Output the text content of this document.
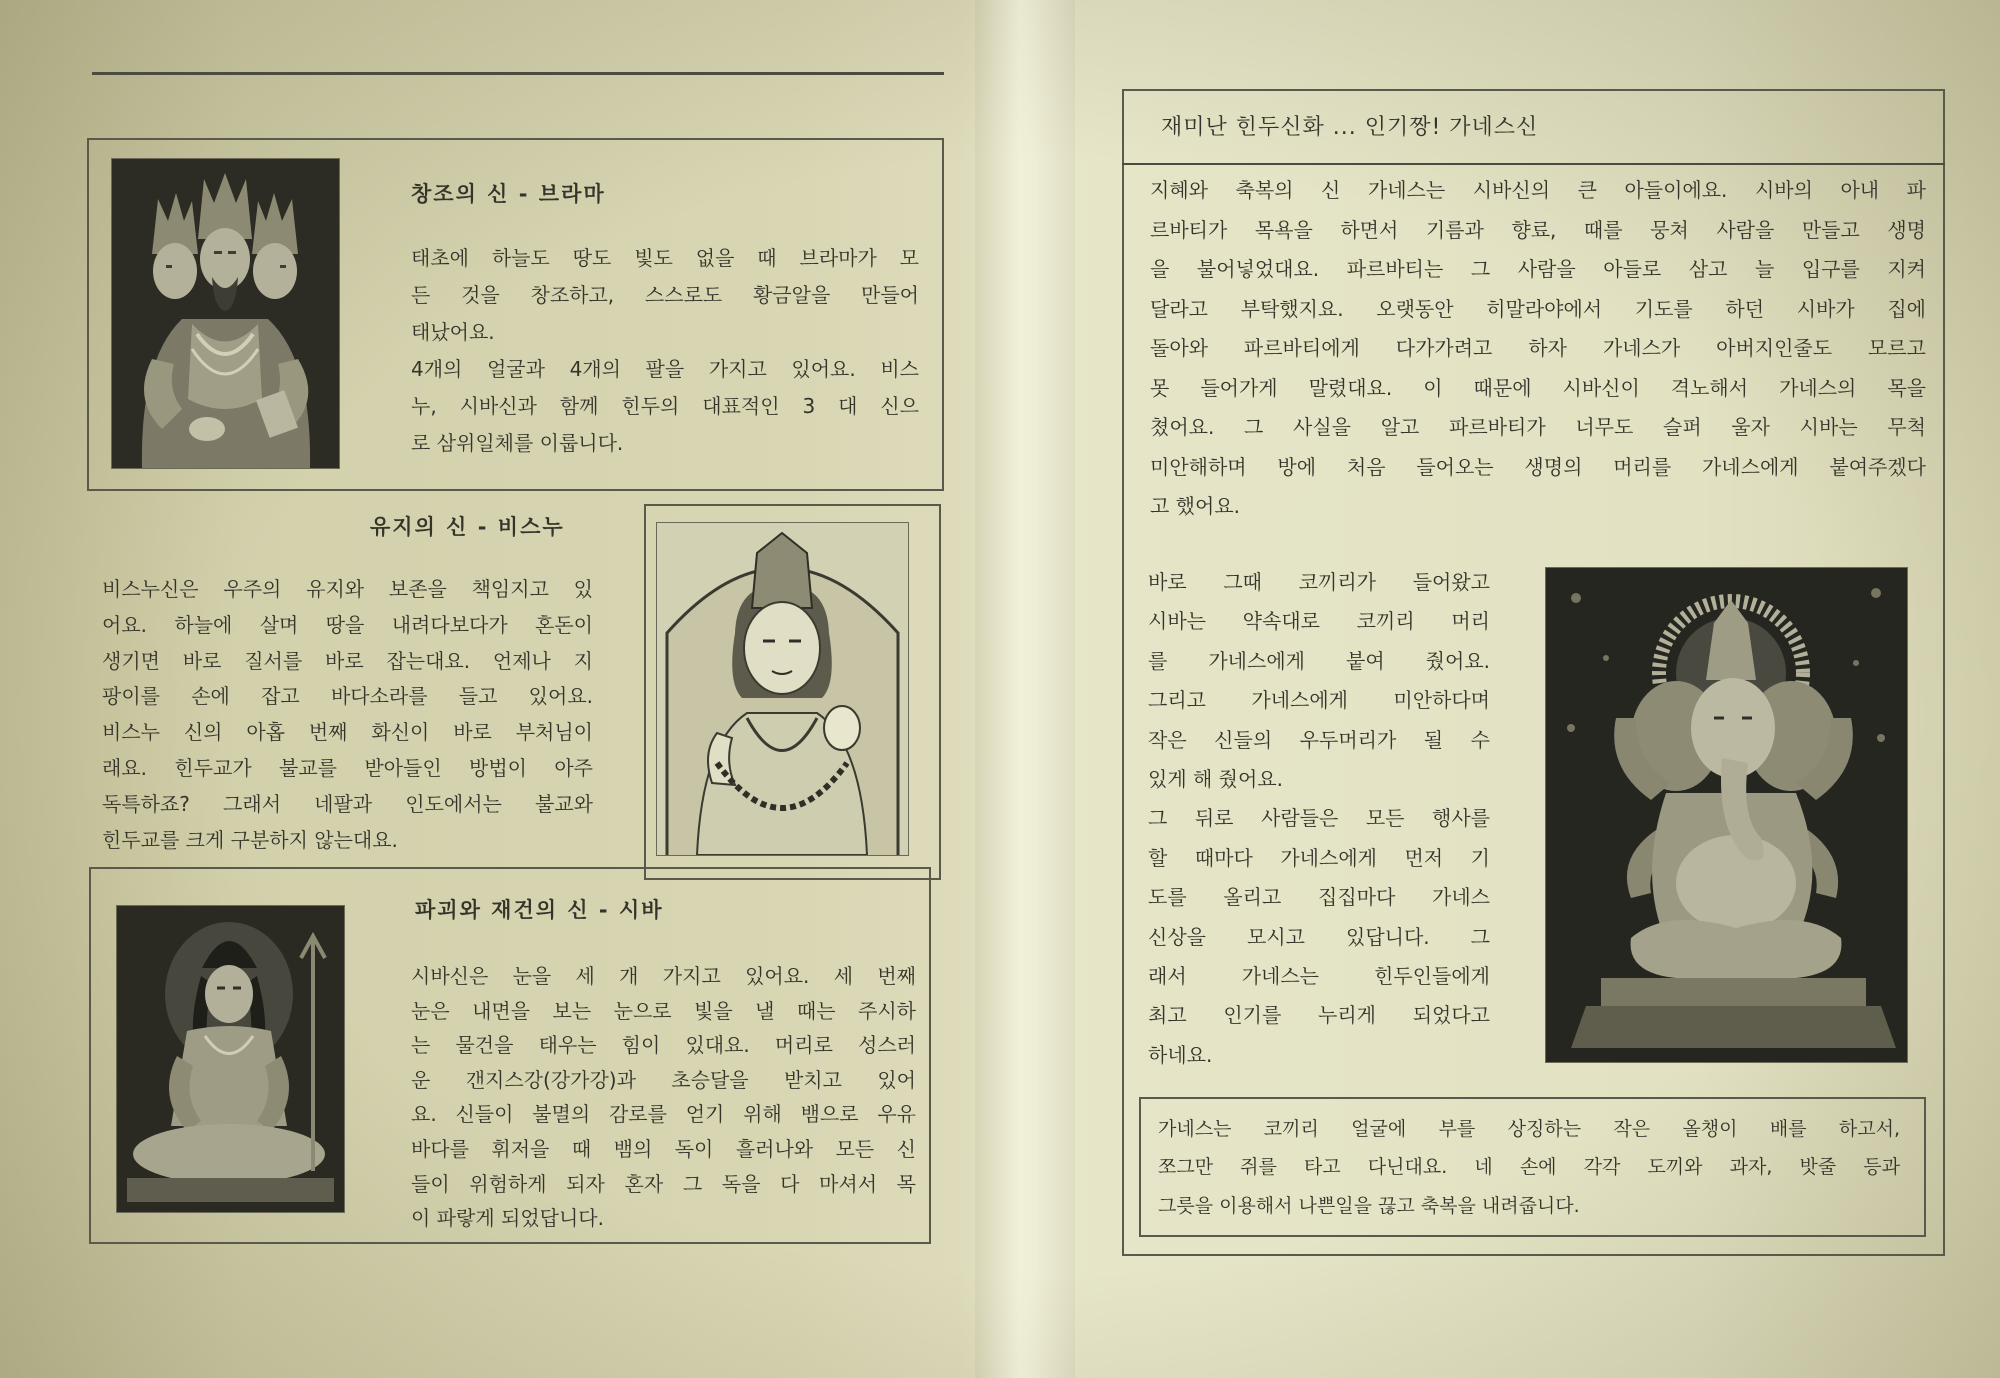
창조의 신 - 브라마
태초에 하늘도 땅도 빛도 없을 때 브라마가 모
든 것을 창조하고, 스스로도 황금알을 만들어
태났어요.
4개의 얼굴과 4개의 팔을 가지고 있어요. 비스
누, 시바신과 함께 힌두의 대표적인 3 대 신으
로 삼위일체를 이룹니다.
유지의 신 - 비스누
비스누신은 우주의 유지와 보존을 책임지고 있
어요. 하늘에 살며 땅을 내려다보다가 혼돈이
생기면 바로 질서를 바로 잡는대요. 언제나 지
팡이를 손에 잡고 바다소라를 들고 있어요.
비스누 신의 아홉 번째 화신이 바로 부처님이
래요. 힌두교가 불교를 받아들인 방법이 아주
독특하죠? 그래서 네팔과 인도에서는 불교와
힌두교를 크게 구분하지 않는대요.
파괴와 재건의 신 - 시바
시바신은 눈을 세 개 가지고 있어요. 세 번째
눈은 내면을 보는 눈으로 빛을 낼 때는 주시하
는 물건을 태우는 힘이 있대요. 머리로 성스러
운 갠지스강(강가강)과 초승달을 받치고 있어
요. 신들이 불멸의 감로를 얻기 위해 뱀으로 우유
바다를 휘저을 때 뱀의 독이 흘러나와 모든 신
들이 위험하게 되자 혼자 그 독을 다 마셔서 목
이 파랗게 되었답니다.
재미난 힌두신화 ... 인기짱! 가네스신
지혜와 축복의 신 가네스는 시바신의 큰 아들이에요. 시바의 아내 파
르바티가 목욕을 하면서 기름과 향료, 때를 뭉쳐 사람을 만들고 생명
을 불어넣었대요. 파르바티는 그 사람을 아들로 삼고 늘 입구를 지켜
달라고 부탁했지요. 오랫동안 히말라야에서 기도를 하던 시바가 집에
돌아와 파르바티에게 다가가려고 하자 가네스가 아버지인줄도 모르고
못 들어가게 말렸대요. 이 때문에 시바신이 격노해서 가네스의 목을
쳤어요. 그 사실을 알고 파르바티가 너무도 슬퍼 울자 시바는 무척
미안해하며 방에 처음 들어오는 생명의 머리를 가네스에게 붙여주겠다
고 했어요.
바로 그때 코끼리가 들어왔고
시바는 약속대로 코끼리 머리
를 가네스에게 붙여 줬어요.
그리고 가네스에게 미안하다며
작은 신들의 우두머리가 될 수
있게 해 줬어요.
그 뒤로 사람들은 모든 행사를
할 때마다 가네스에게 먼저 기
도를 올리고 집집마다 가네스
신상을 모시고 있답니다. 그
래서 가네스는 힌두인들에게
최고 인기를 누리게 되었다고
하네요.
가네스는 코끼리 얼굴에 부를 상징하는 작은 올챙이 배를 하고서,
쪼그만 쥐를 타고 다닌대요. 네 손에 각각 도끼와 과자, 밧줄 등과
그릇을 이용해서 나쁜일을 끊고 축복을 내려줍니다.
